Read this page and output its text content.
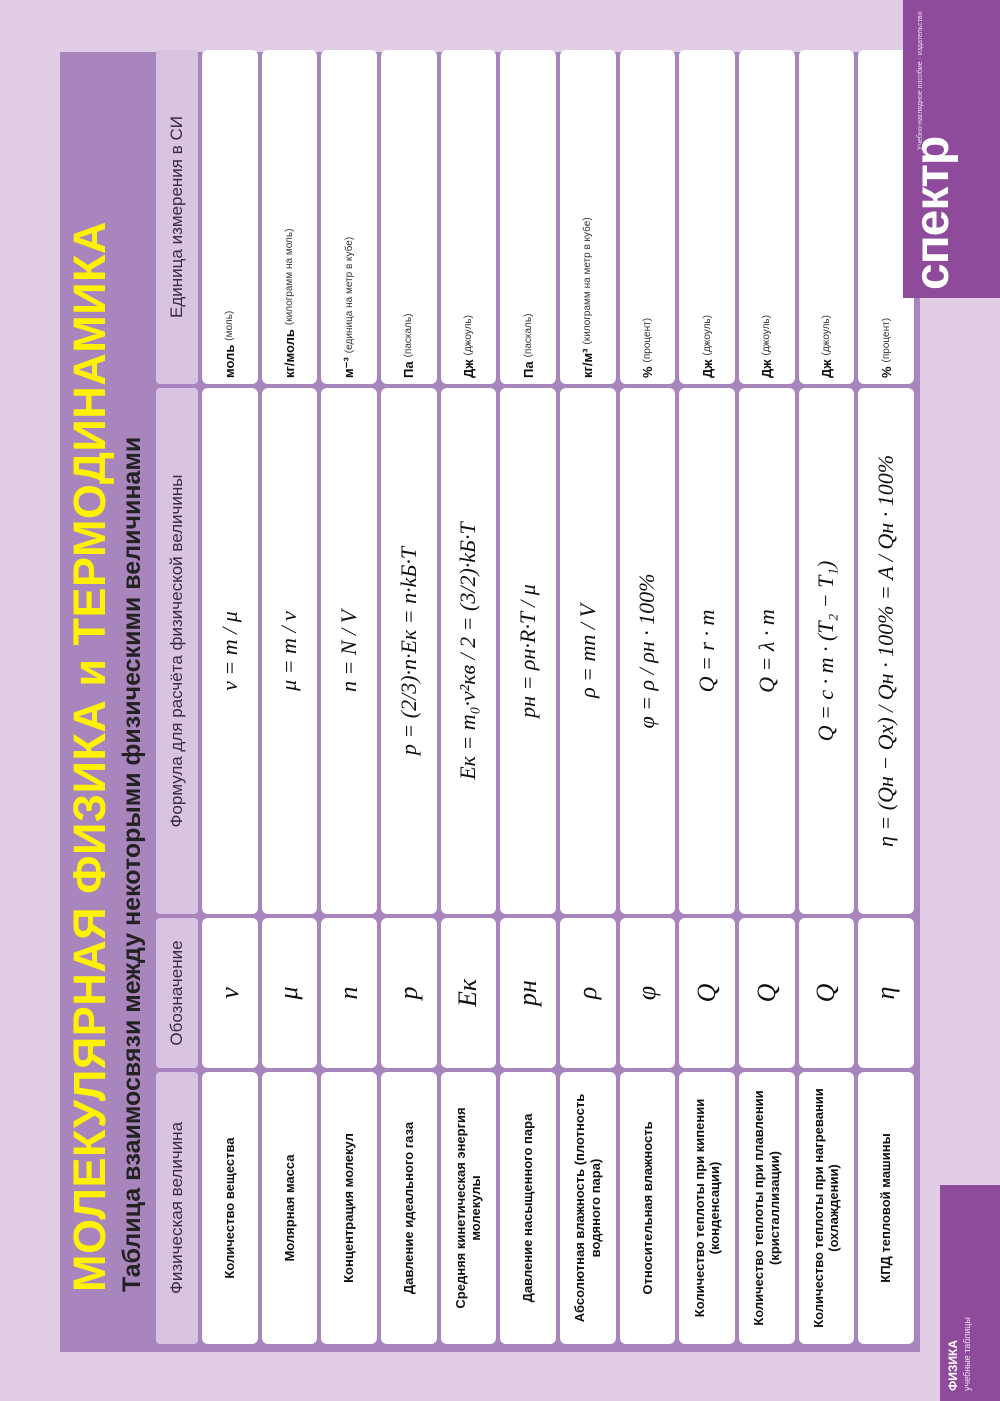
МОЛЕКУЛЯРНАЯ ФИЗИКА и ТЕРМОДИНАМИКА Таблица взаимосвязи между некоторыми физическими величинами	Физическая величина
Обозначение
Формула для расчёта физической величины
Единица измерения в СИ
Количество вещества
ν
ν = m / μ
моль
(моль)
Молярная масса
μ
μ = m / ν
кг/моль
(килограмм на моль)
Концентрация молекул
n
n = N / V
м⁻³
(единица на метр в кубе)
Давление идеального газа
p
p = (2/3)·n·Eк = n·kБ·T
Па
(паскаль)
Средняя кинетическая энергия молекулы
Eк
Eк = m₀·v²кв / 2 = (3/2)·kБ·T
Дж
(джоуль)
Давление насыщенного пара
pн
pн = ρн·R·T / μ
Па
(паскаль)
Абсолютная влажность (плотность водяного пара)
ρ
ρ = mп / V
кг/м³
(килограмм на метр в кубе)
Относительная влажность
φ
φ = ρ / ρн · 100%
%
(процент)
Количество теплоты при кипении (конденсации)
Q
Q = r · m
Дж
(джоуль)
Количество теплоты при плавлении (кристаллизации)
Q
Q = λ · m
Дж
(джоуль)
Количество теплоты при нагревании (охлаждении)
Q
Q = c · m · (T₂ − T₁)
Дж
(джоуль)
КПД тепловой машины
η
η = (Qн − Qх) / Qн · 100% = A / Qн · 100%
%
(процент)
спектр
Учебно-наглядное пособие · издательство
ФИЗИКА учебные таблицы
